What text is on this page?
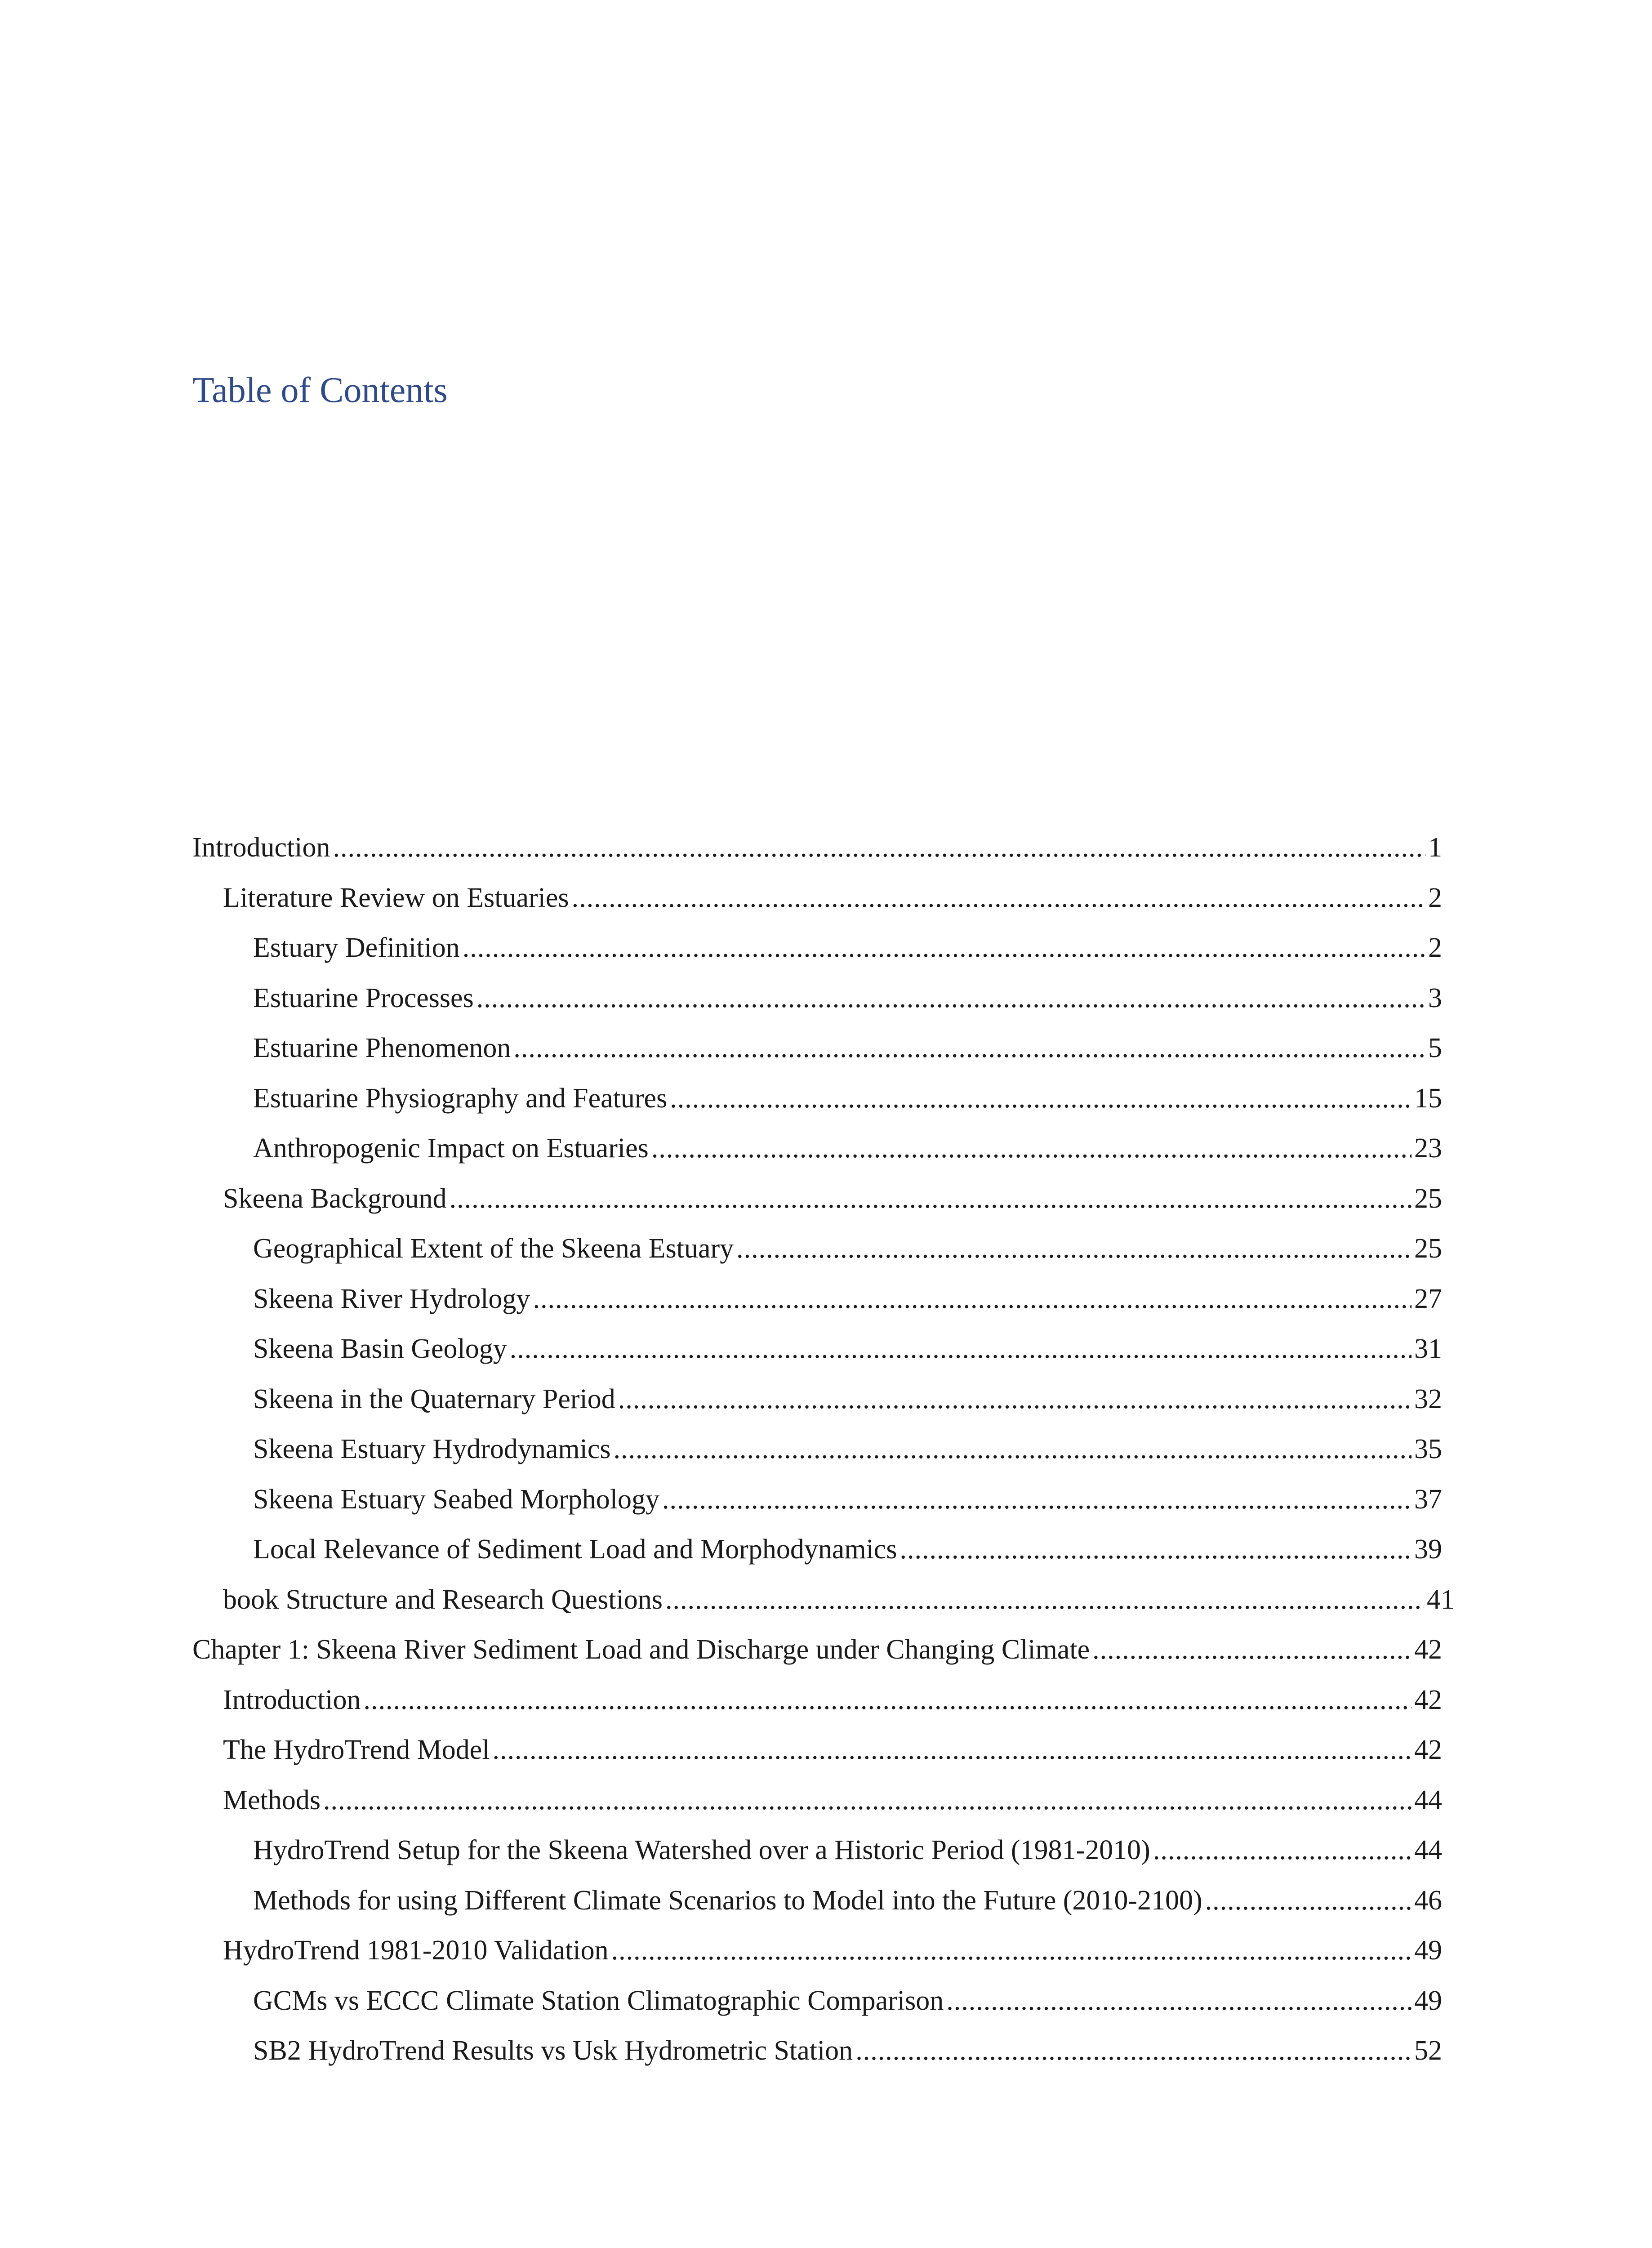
Table of Contents
Introduction .....	1
Literature Review on Estuaries .....	2
Estuary Definition .....	2
Estuarine Processes .....	3
Estuarine Phenomenon .....	5
Estuarine Physiography and Features .....	15
Anthropogenic Impact on Estuaries .....	23
Skeena Background .....	25
Geographical Extent of the Skeena Estuary .....	25
Skeena River Hydrology .....	27
Skeena Basin Geology .....	31
Skeena in the Quaternary Period .....	32
Skeena Estuary Hydrodynamics .....	35
Skeena Estuary Seabed Morphology .....	37
Local Relevance of Sediment Load and Morphodynamics .....	39
book Structure and Research Questions .....	41
Chapter 1: Skeena River Sediment Load and Discharge under Changing Climate .....	42
Introduction .....	42
The HydroTrend Model .....	42
Methods .....	44
HydroTrend Setup for the Skeena Watershed over a Historic Period (1981-2010) .....	44
Methods for using Different Climate Scenarios to Model into the Future (2010-2100) .....	46
HydroTrend 1981-2010 Validation .....	49
GCMs vs ECCC Climate Station Climatographic Comparison .....	49
SB2 HydroTrend Results vs Usk Hydrometric Station .....	52
